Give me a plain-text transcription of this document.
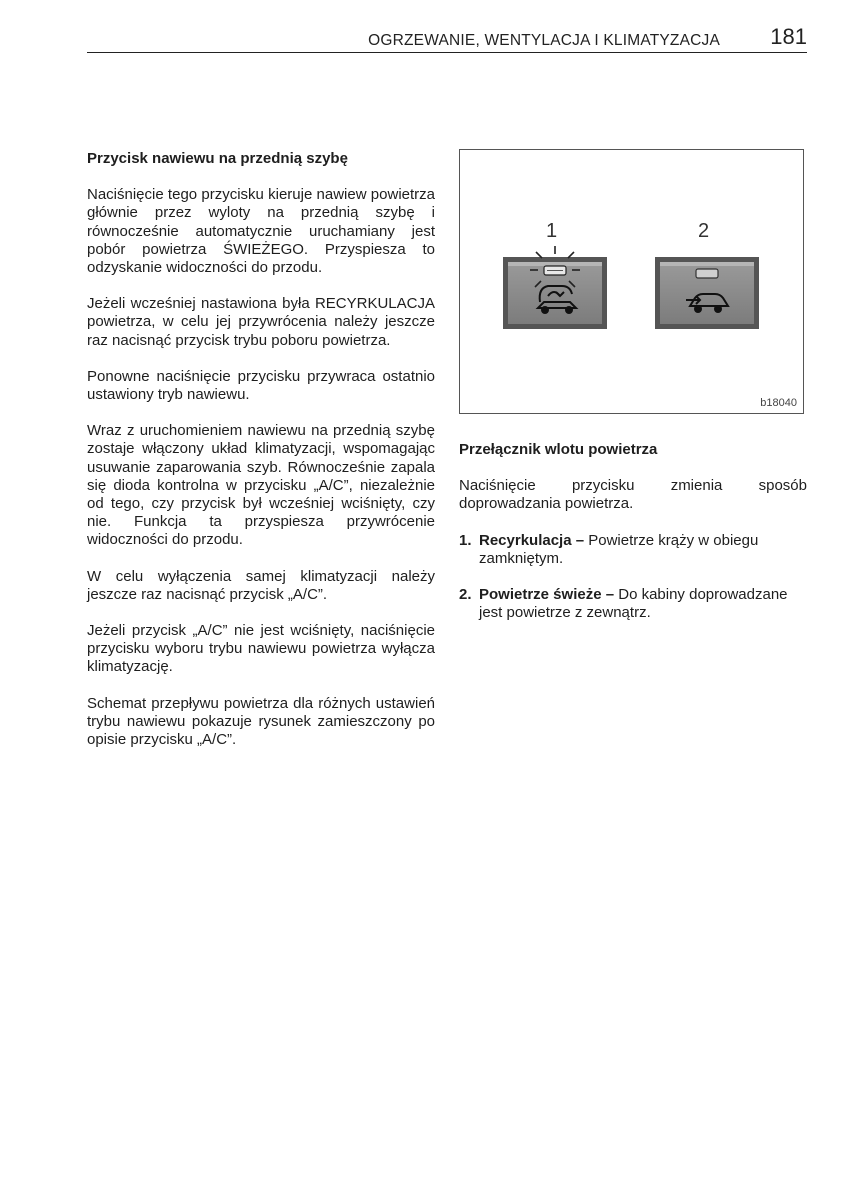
OGRZEWANIE, WENTYLACJA I KLIMATYZACJA 181

Przycisk nawiewu na przednią szybę

Naciśnięcie tego przycisku kieruje nawiew powietrza głównie przez wyloty na przednią szybę i równocześnie automatycznie uruchamiany jest pobór powietrza ŚWIEŻEGO. Przyspiesza to odzyskanie widoczności do przodu.

Jeżeli wcześniej nastawiona była RECYRKULACJA powietrza, w celu jej przywrócenia należy jeszcze raz nacisnąć przycisk trybu poboru powietrza.

Ponowne naciśnięcie przycisku przywraca ostatnio ustawiony tryb nawiewu.

Wraz z uruchomieniem nawiewu na przednią szybę zostaje włączony układ klimatyzacji, wspomagając usuwanie zaparowania szyb. Równocześnie zapala się dioda kontrolna w przycisku „A/C”, niezależnie od tego, czy przycisk był wcześniej wciśnięty, czy nie. Funkcja ta przyspiesza przywrócenie widoczności do przodu.

W celu wyłączenia samej klimatyzacji należy jeszcze raz nacisnąć przycisk „A/C”.

Jeżeli przycisk „A/C” nie jest wciśnięty, naciśnięcie przycisku wyboru trybu nawiewu powietrza wyłącza klimatyzację.

Schemat przepływu powietrza dla różnych ustawień trybu nawiewu pokazuje rysunek zamieszczony po opisie przycisku „A/C”.

1	2
b18040

Przełącznik wlotu powietrza

Naciśnięcie przycisku zmienia sposób doprowadzania powietrza.

1. Recyrkulacja – Powietrze krąży w obiegu zamkniętym.
2. Powietrze świeże – Do kabiny doprowadzane jest powietrze z zewnątrz.
